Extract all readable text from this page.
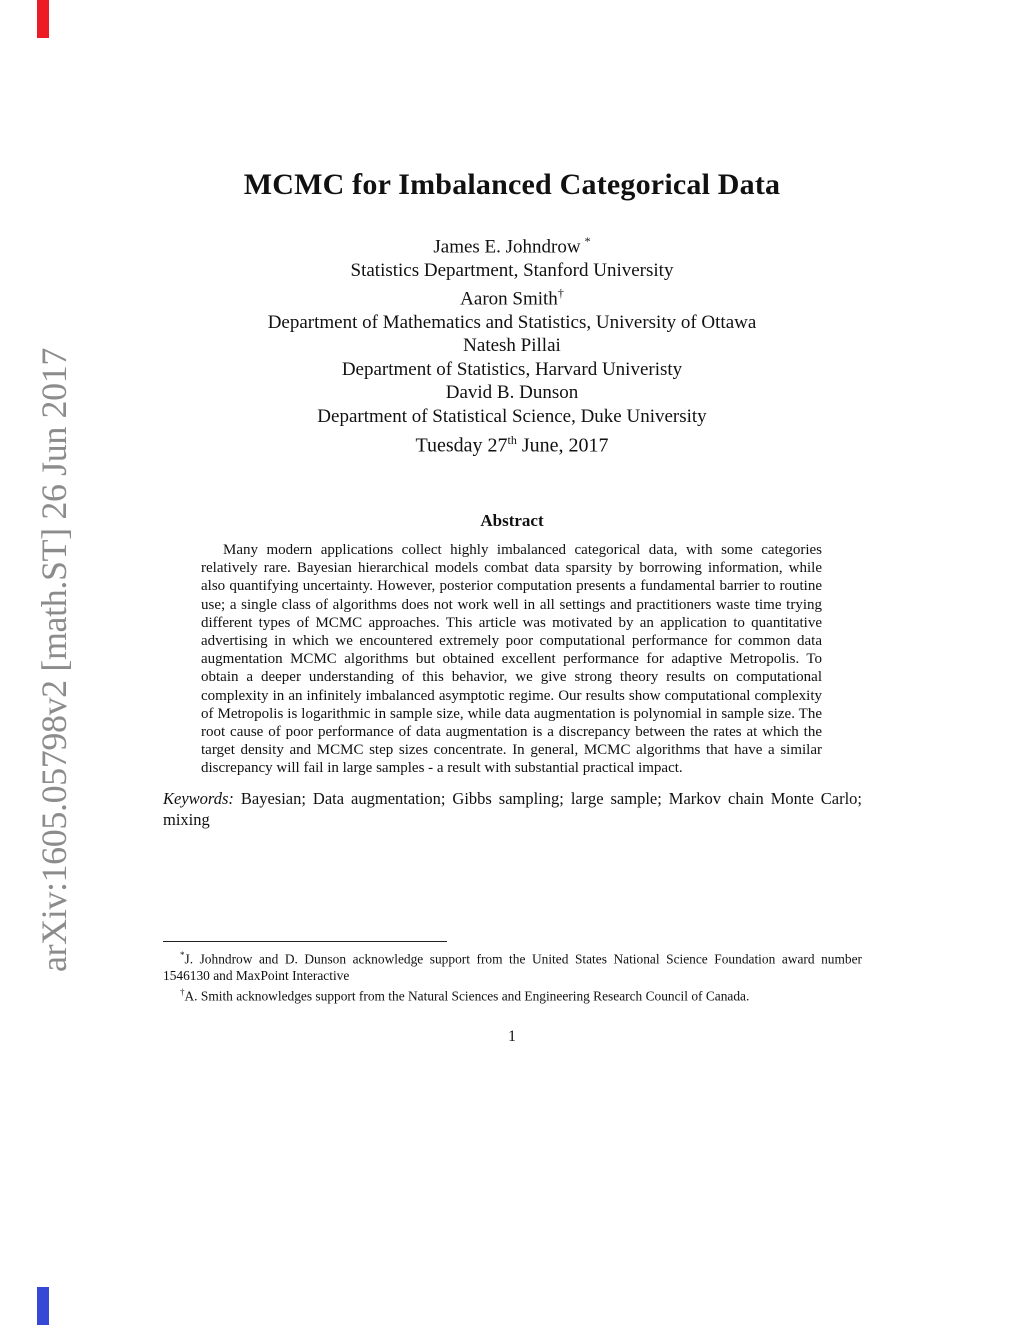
arXiv:1605.05798v2 [math.ST] 26 Jun 2017
MCMC for Imbalanced Categorical Data
James E. Johndrow *
Statistics Department, Stanford University
Aaron Smith†
Department of Mathematics and Statistics, University of Ottawa
Natesh Pillai
Department of Statistics, Harvard Univeristy
David B. Dunson
Department of Statistical Science, Duke University
Tuesday 27th June, 2017
Abstract

Many modern applications collect highly imbalanced categorical data, with some categories relatively rare. Bayesian hierarchical models combat data sparsity by borrowing information, while also quantifying uncertainty. However, posterior computation presents a fundamental barrier to routine use; a single class of algorithms does not work well in all settings and practitioners waste time trying different types of MCMC approaches. This article was motivated by an application to quantitative advertising in which we encountered extremely poor computational performance for common data augmentation MCMC algorithms but obtained excellent performance for adaptive Metropolis. To obtain a deeper understanding of this behavior, we give strong theory results on computational complexity in an infinitely imbalanced asymptotic regime. Our results show computational complexity of Metropolis is logarithmic in sample size, while data augmentation is polynomial in sample size. The root cause of poor performance of data augmentation is a discrepancy between the rates at which the target density and MCMC step sizes concentrate. In general, MCMC algorithms that have a similar discrepancy will fail in large samples - a result with substantial practical impact.

Keywords: Bayesian; Data augmentation; Gibbs sampling; large sample; Markov chain Monte Carlo; mixing

*J. Johndrow and D. Dunson acknowledge support from the United States National Science Foundation award number 1546130 and MaxPoint Interactive

†A. Smith acknowledges support from the Natural Sciences and Engineering Research Council of Canada.

1
